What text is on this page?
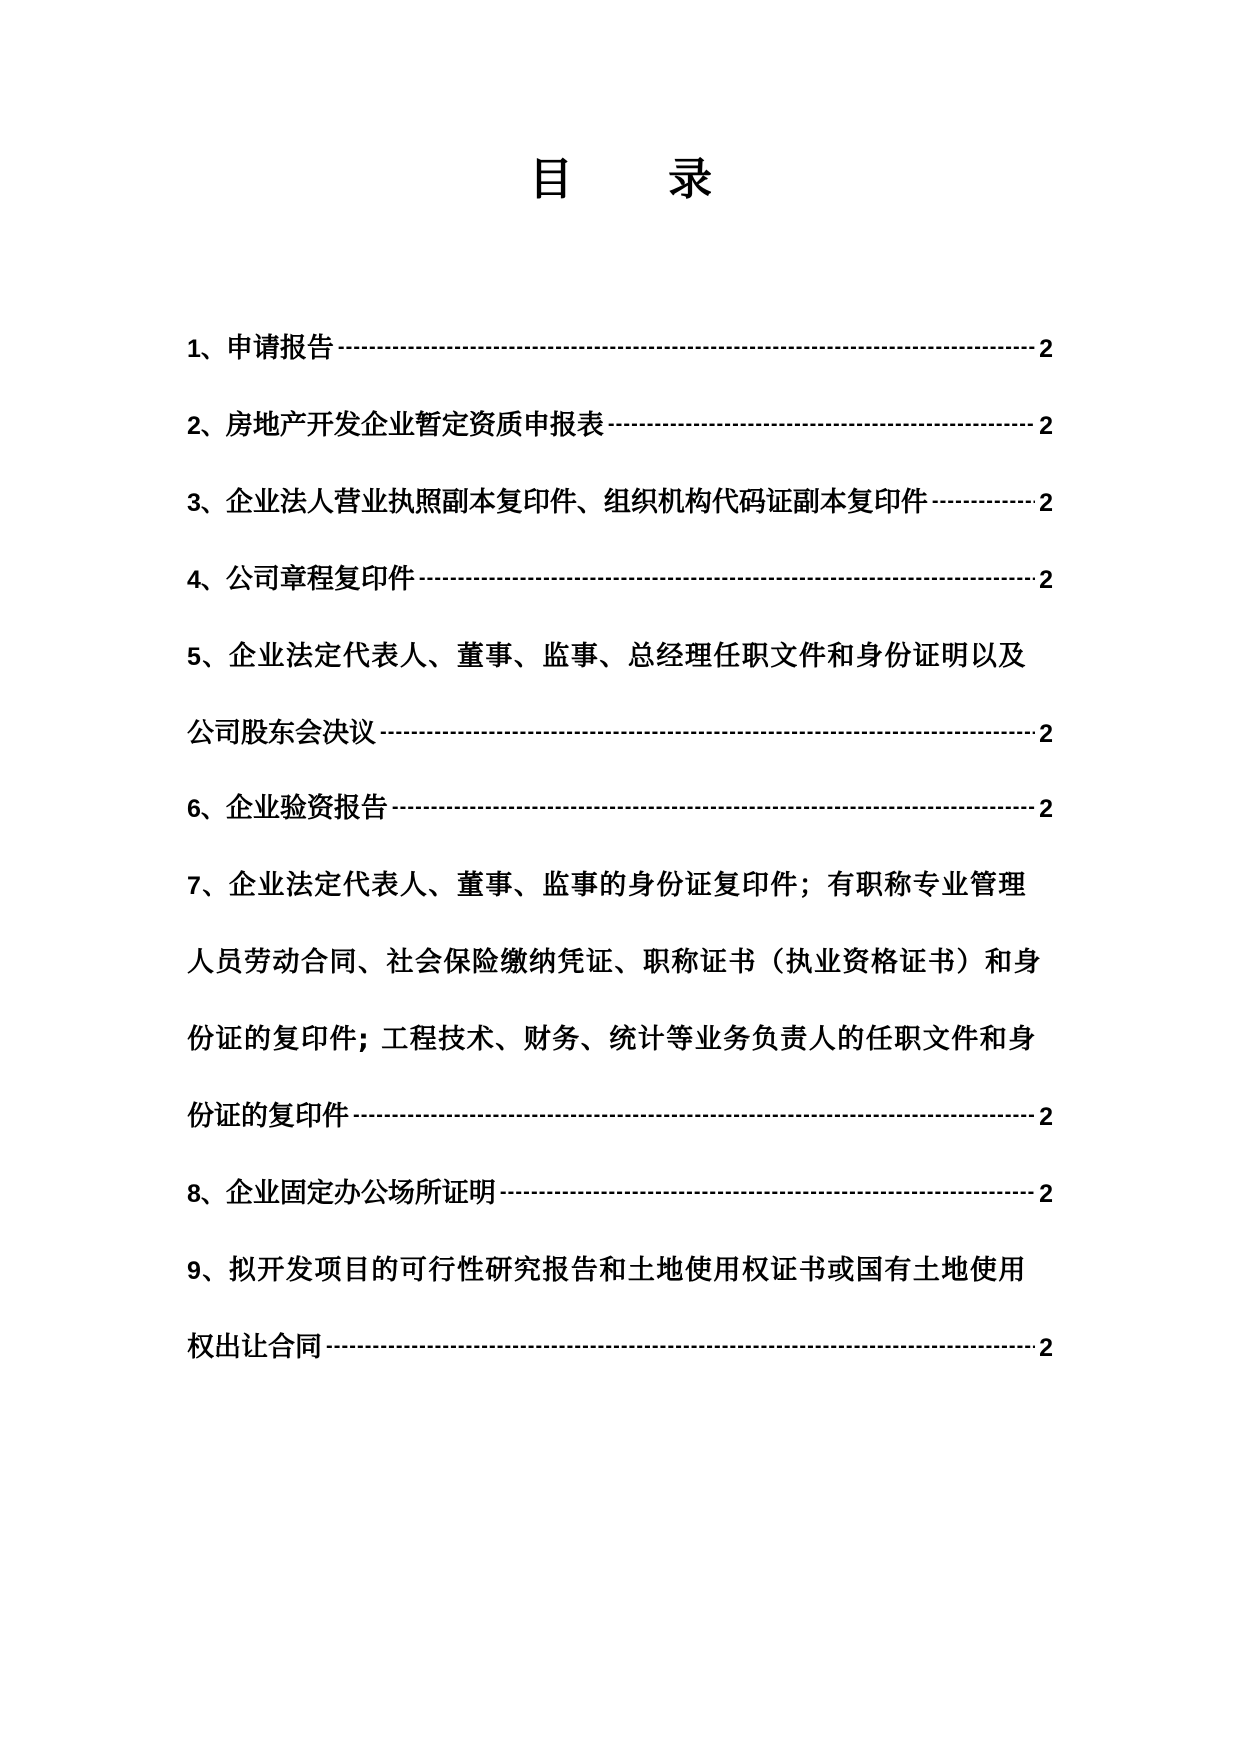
目 录
1、 申请报告 -----	2
2、 房地产开发企业暂定资质申报表 -----	2
3、 企业法人营业执照副本复印件、组织机构代码证副本复印件 -----	2
4、 公司章程复印件 -----	2
5、 企业法定代表人、董事、监事、总经理任职文件和身份证明以及
公司股东会决议 -----	2
6、 企业验资报告 -----	2
7、 企业法定代表人、董事、监事的身份证复印件；有职称专业管理
人员劳动合同、社会保险缴纳凭证、职称证书（执业资格证书）和身
份证的复印件; 工程技术、财务、统计等业务负责人的任职文件和身
份证的复印件 -----	2
8、 企业固定办公场所证明 -----	2
9、 拟开发项目的可行性研究报告和土地使用权证书或国有土地使用
权出让合同 -----	2
